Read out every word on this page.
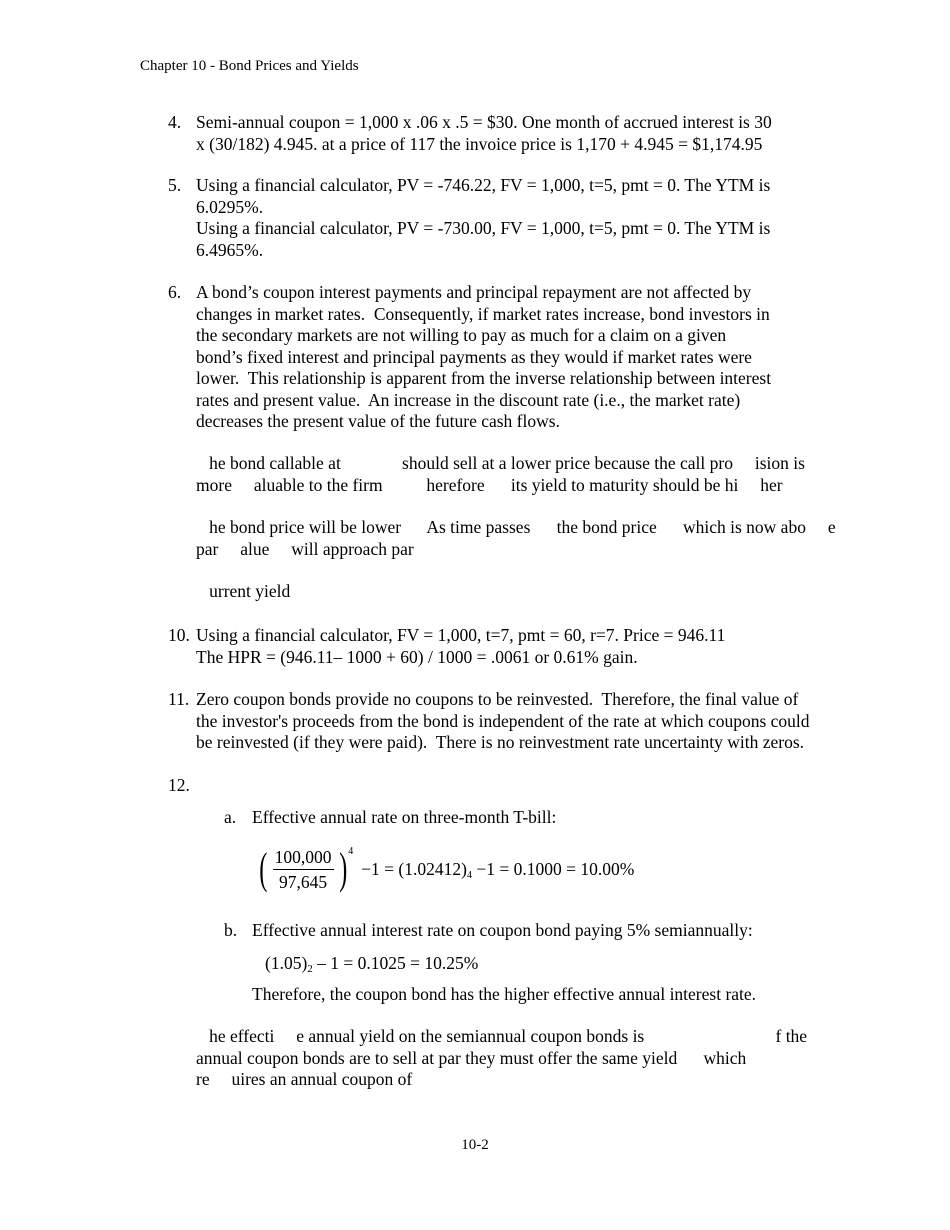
Chapter 10 - Bond Prices and Yields
4. Semi-annual coupon = 1,000 x .06 x .5 = $30. One month of accrued interest is 30
x (30/182) 4.945. at a price of 117 the invoice price is 1,170 + 4.945 = $1,174.95
5. Using a financial calculator, PV = -746.22, FV = 1,000, t=5, pmt = 0. The YTM is
6.0295%.
Using a financial calculator, PV = -730.00, FV = 1,000, t=5, pmt = 0. The YTM is
6.4965%.
6. A bond’s coupon interest payments and principal repayment are not affected by
changes in market rates.  Consequently, if market rates increase, bond investors in
the secondary markets are not willing to pay as much for a claim on a given
bond’s fixed interest and principal payments as they would if market rates were
lower.  This relationship is apparent from the inverse relationship between interest
rates and present value.  An increase in the discount rate (i.e., the market rate)
decreases the present value of the future cash flows.
he bond callable at              should sell at a lower price because the call pro     ision is
more     aluable to the firm          herefore      its yield to maturity should be hi     her
he bond price will be lower      As time passes      the bond price      which is now abo     e
par     alue     will approach par
urrent yield
10. Using a financial calculator, FV = 1,000, t=7, pmt = 60, r=7. Price = 946.11
The HPR = (946.11– 1000 + 60) / 1000 = .0061 or 0.61% gain.
11. Zero coupon bonds provide no coupons to be reinvested.  Therefore, the final value of
the investor's proceeds from the bond is independent of the rate at which coupons could
be reinvested (if they were paid).  There is no reinvestment rate uncertainty with zeros.
12.
a. Effective annual rate on three-month T-bill:
( $\frac{100,000}{97,645}$ ) 4
−1 = (1.02412)4 −1 = 0.1000 = 10.00%
b. Effective annual interest rate on coupon bond paying 5% semiannually:
(1.05)2 – 1 = 0.1025 = 10.25%
Therefore, the coupon bond has the higher effective annual interest rate.
he effecti     e annual yield on the semiannual coupon bonds is                              f the
annual coupon bonds are to sell at par they must offer the same yield      which
re     uires an annual coupon of
10-2
